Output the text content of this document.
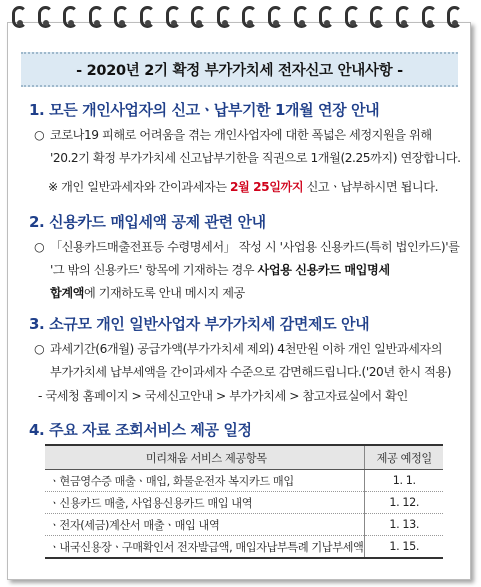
- 2020년 2기 확정 부가가치세 전자신고 안내사항 -
1. 모든 개인사업자의 신고ㆍ납부기한 1개월 연장 안내
○ 코로나19 피해로 어려움을 겪는 개인사업자에 대한 폭넓은 세정지원을 위해
'20.2기 확정 부가가치세 신고납부기한을 직권으로 1개월(2.25까지) 연장합니다.
※ 개인 일반과세자와 간이과세자는 2월 25일까지 신고ㆍ납부하시면 됩니다.
2. 신용카드 매입세액 공제 관련 안내
○ 「신용카드매출전표등 수령명세서」 작성 시 '사업용 신용카드(특히 법인카드)'를
'그 밖의 신용카드' 항목에 기재하는 경우 사업용 신용카드 매입명세
합계액에 기재하도록 안내 메시지 제공
3. 소규모 개인 일반사업자 부가가치세 감면제도 안내
○ 과세기간(6개월) 공급가액(부가가치세 제외) 4천만원 이하 개인 일반과세자의
부가가치세 납부세액을 간이과세자 수준으로 감면해드립니다.('20년 한시 적용)
- 국세청 홈페이지 > 국세신고안내 > 부가가치세 > 참고자료실에서 확인
4. 주요 자료 조회서비스 제공 일정
미리채움 서비스 제공항목	제공 예정일
ㆍ현금영수증 매출ㆍ매입, 화물운전자 복지카드 매입	1. 1.
ㆍ신용카드 매출, 사업용신용카드 매입 내역	1. 12.
ㆍ전자(세금)계산서 매출ㆍ매입 내역	1. 13.
ㆍ내국신용장ㆍ구매확인서 전자발급액, 매입자납부특례 기납부세액	1. 15.
